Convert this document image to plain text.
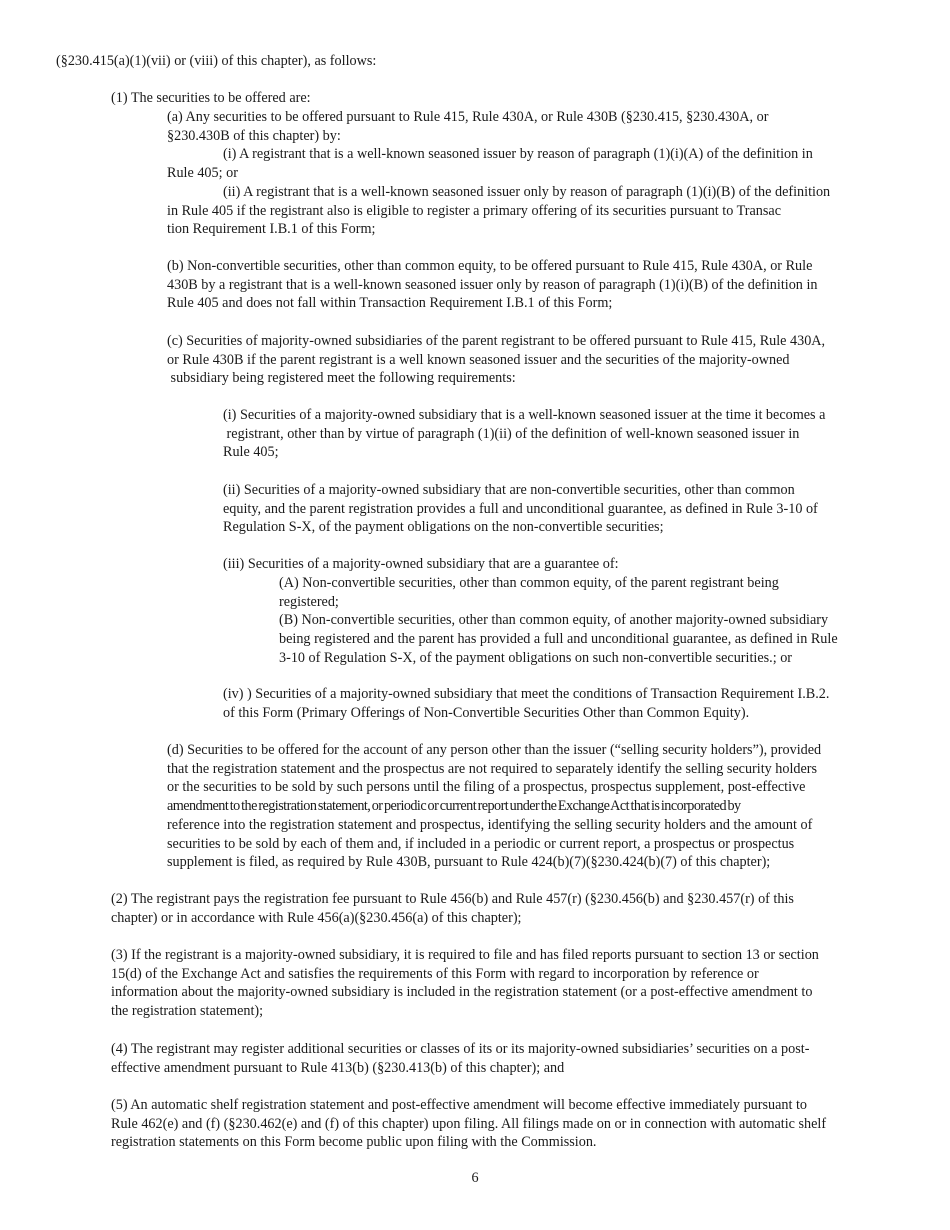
(§230.415(a)(1)(vii) or (viii) of this chapter), as follows:

(1) The securities to be offered are:

(a) Any securities to be offered pursuant to Rule 415, Rule 430A, or Rule 430B (§230.415, §230.430A, or
§230.430B of this chapter) by:
(i) A registrant that is a well-known seasoned issuer by reason of paragraph (1)(i)(A) of the definition in
Rule 405; or
(ii) A registrant that is a well-known seasoned issuer only by reason of paragraph (1)(i)(B) of the definition
in Rule 405 if the registrant also is eligible to register a primary offering of its securities pursuant to Transac
tion Requirement I.B.1 of this Form;
(b) Non-convertible securities, other than common equity, to be offered pursuant to Rule 415, Rule 430A, or Rule
430B by a registrant that is a well-known seasoned issuer only by reason of paragraph (1)(i)(B) of the definition in
Rule 405 and does not fall within Transaction Requirement I.B.1 of this Form;
(c) Securities of majority-owned subsidiaries of the parent registrant to be offered pursuant to Rule 415, Rule 430A,
or Rule 430B if the parent registrant is a well known seasoned issuer and the securities of the majority-owned
subsidiary being registered meet the following requirements:
(i) Securities of a majority-owned subsidiary that is a well-known seasoned issuer at the time it becomes a
registrant, other than by virtue of paragraph (1)(ii) of the definition of well-known seasoned issuer in
Rule 405;
(ii) Securities of a majority-owned subsidiary that are non-convertible securities, other than common
equity, and the parent registration provides a full and unconditional guarantee, as defined in Rule 3-10 of
Regulation S-X, of the payment obligations on the non-convertible securities;
(iii) Securities of a majority-owned subsidiary that are a guarantee of:
(A) Non-convertible securities, other than common equity, of the parent registrant being
registered;
(B) Non-convertible securities, other than common equity, of another majority-owned subsidiary
being registered and the parent has provided a full and unconditional guarantee, as defined in Rule
3-10 of Regulation S-X, of the payment obligations on such non-convertible securities.; or
(iv) ) Securities of a majority-owned subsidiary that meet the conditions of Transaction Requirement I.B.2.
of this Form (Primary Offerings of Non-Convertible Securities Other than Common Equity).
(d) Securities to be offered for the account of any person other than the issuer (“selling security holders”), provided
that the registration statement and the prospectus are not required to separately identify the selling security holders
or the securities to be sold by such persons until the filing of a prospectus, prospectus supplement, post-effective
amendment to the registration statement, or periodic or current report under the Exchange Act that is incorporated by
reference into the registration statement and prospectus, identifying the selling security holders and the amount of
securities to be sold by each of them and, if included in a periodic or current report, a prospectus or prospectus
supplement is filed, as required by Rule 430B, pursuant to Rule 424(b)(7)(§230.424(b)(7) of this chapter);
(2) The registrant pays the registration fee pursuant to Rule 456(b) and Rule 457(r) (§230.456(b) and §230.457(r) of this
chapter) or in accordance with Rule 456(a)(§230.456(a) of this chapter);
(3) If the registrant is a majority-owned subsidiary, it is required to file and has filed reports pursuant to section 13 or section
15(d) of the Exchange Act and satisfies the requirements of this Form with regard to incorporation by reference or
information about the majority-owned subsidiary is included in the registration statement (or a post-effective amendment to
the registration statement);
(4) The registrant may register additional securities or classes of its or its majority-owned subsidiaries’ securities on a post-
effective amendment pursuant to Rule 413(b) (§230.413(b) of this chapter); and
(5) An automatic shelf registration statement and post-effective amendment will become effective immediately pursuant to
Rule 462(e) and (f) (§230.462(e) and (f) of this chapter) upon filing. All filings made on or in connection with automatic shelf
registration statements on this Form become public upon filing with the Commission.
6
